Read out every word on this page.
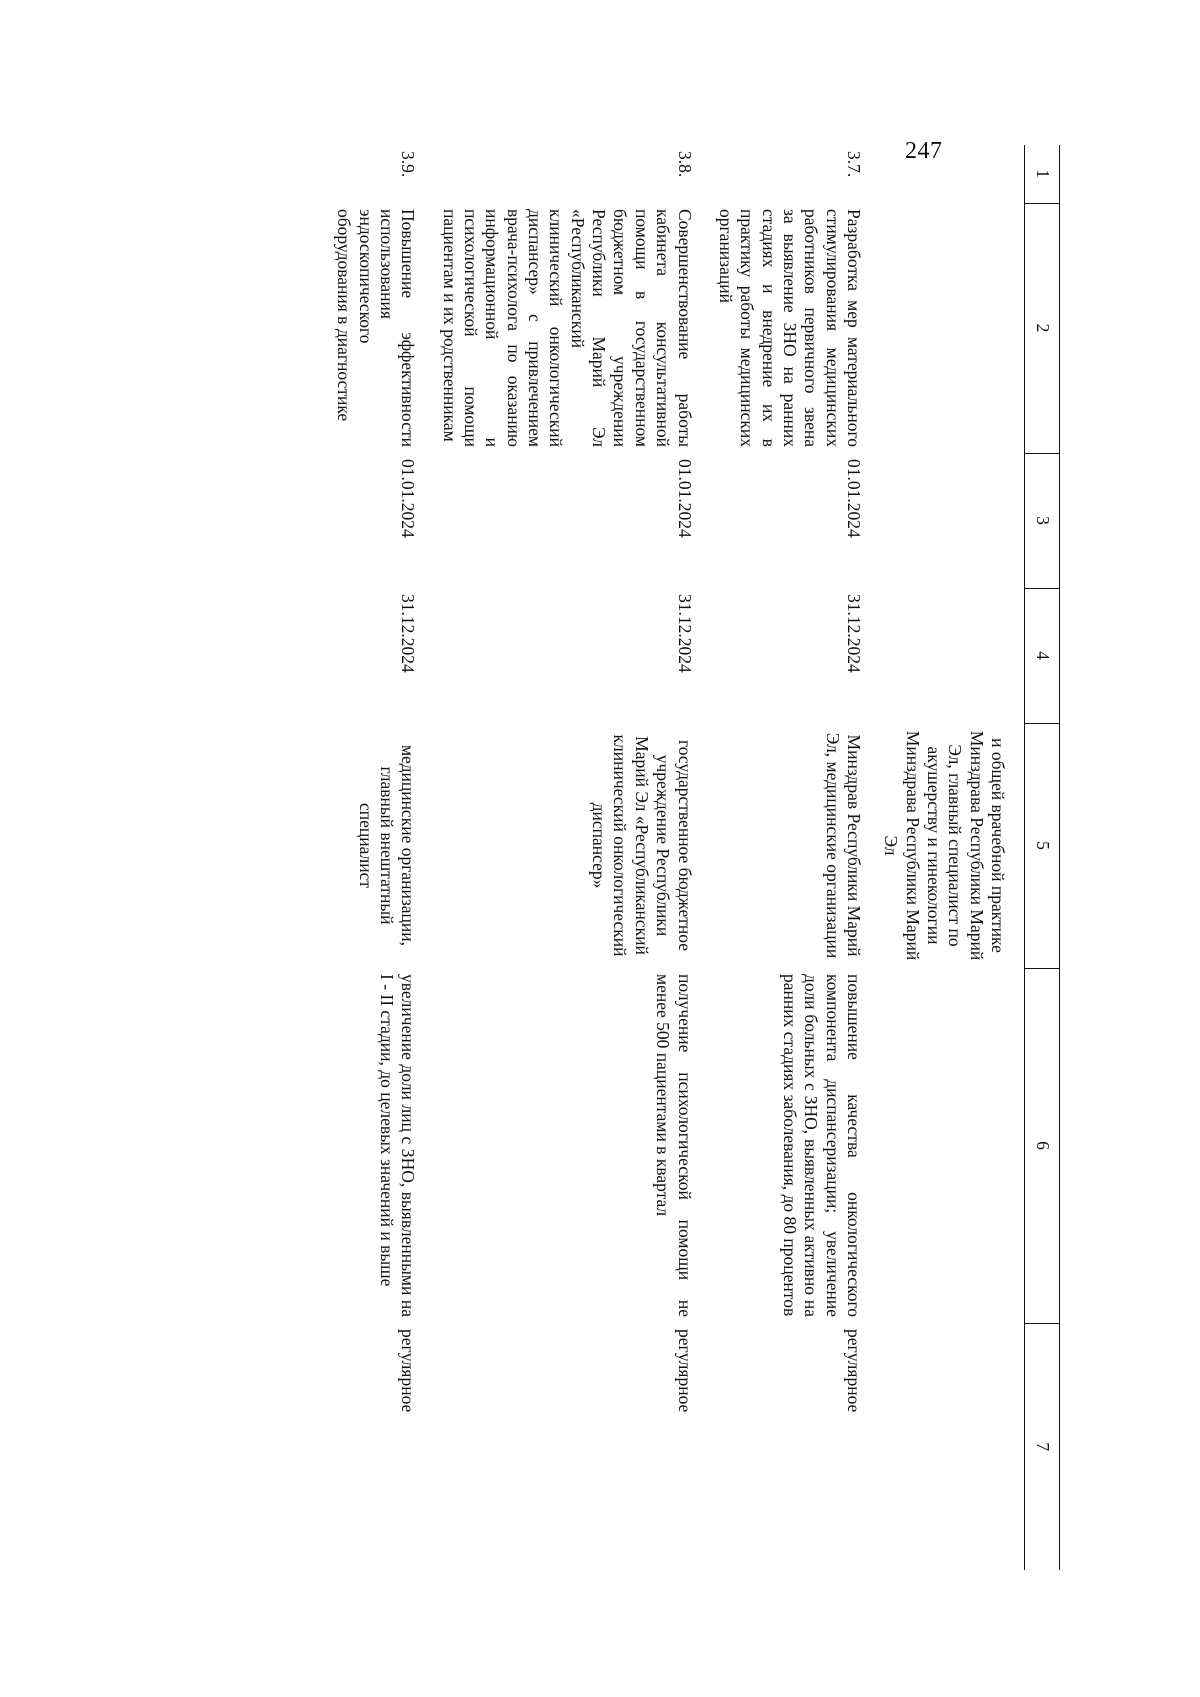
247
1	2	3	4	5	6	7

				и общей врачебной практике Минздрава Республики Марий Эл, главный специалист по акушерству и гинекологии Минздрава Республики Марий Эл		

3.7.	Разработка мер материального стимулирования медицинских работников первичного звена за выявление ЗНО на ранних стадиях и внедрение их в практику работы медицинских организаций	01.01.2024	31.12.2024	Минздрав Республики Марий Эл, медицинские организации	повышение качества онкологического компонента диспансеризации; увеличение доли больных с ЗНО, выявленных активно на ранних стадиях заболевания, до 80 процентов	регулярное
3.8.	Совершенствование работы кабинета консультативной помощи в государственном бюджетном учреждении Республики Марий Эл «Республиканский клинический онкологический диспансер» с привлечением врача-психолога по оказанию информационной и психологической помощи пациентам и их родственникам	01.01.2024	31.12.2024	государственное бюджетное учреждение Республики Марий Эл «Республиканский клинический онкологический диспансер»	получение психологической помощи не менее 500 пациентами в квартал	регулярное
3.9.	Повышение эффективности использования эндоскопического оборудования в диагностике	01.01.2024	31.12.2024	медицинские организации, главный внештатный специалист	увеличение доли лиц с ЗНО, выявленными на I - II стадии, до целевых значений и выше	регулярное
